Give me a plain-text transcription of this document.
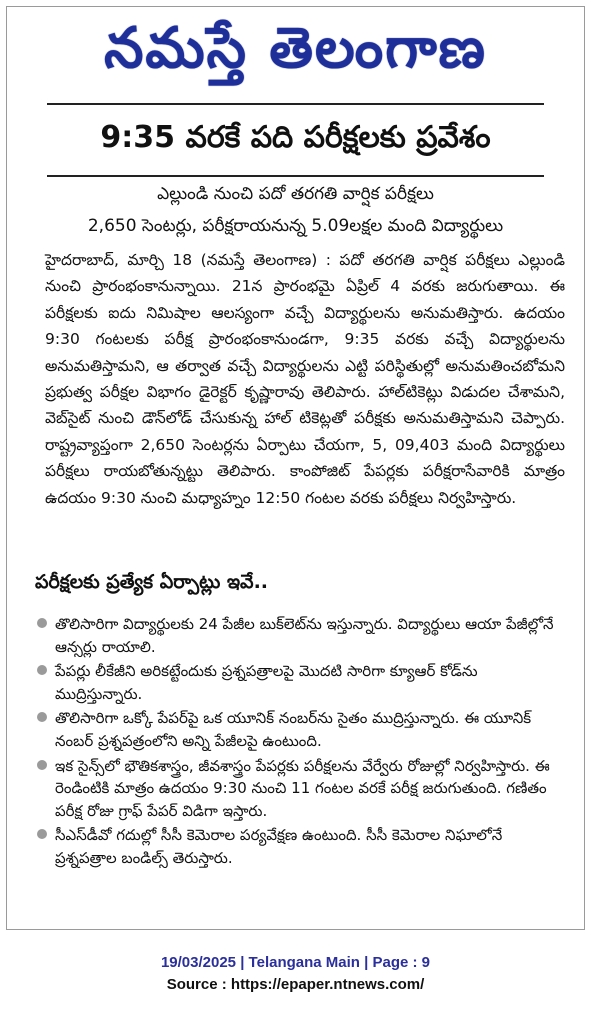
నమస్తే తెలంగాణ
9:35 వరకే పది పరీక్షలకు ప్రవేశం
ఎల్లుండి నుంచి పదో తరగతి వార్షిక పరీక్షలు
2,650 సెంటర్లు, పరీక్షరాయనున్న 5.09లక్షల మంది విద్యార్థులు

హైదరాబాద్, మార్చి 18 (నమస్తే తెలంగాణ) : పదో తరగతి వార్షిక పరీక్షలు ఎల్లుండి నుంచి ప్రారంభంకానున్నాయి. 21న ప్రారంభమై ఏప్రిల్ 4 వరకు జరుగుతాయి. ఈ పరీక్షలకు ఐదు నిమిషాల ఆలస్యంగా వచ్చే విద్యార్థులను అనుమతిస్తారు. ఉదయం 9:30 గంటలకు పరీక్ష ప్రారంభంకానుండగా, 9:35 వరకు వచ్చే విద్యార్థులను అనుమతిస్తామని, ఆ తర్వాత వచ్చే విద్యార్థులను ఎట్టి పరిస్థితుల్లో అనుమతించబోమని ప్రభుత్వ పరీక్షల విభాగం డైరెక్టర్ కృష్ణారావు తెలిపారు. హాల్‌టికెట్లు విడుదల చేశామని, వెబ్‌సైట్ నుంచి డౌన్‌లోడ్ చేసుకున్న హాల్ టికెట్లతో పరీక్షకు అనుమతిస్తామని చెప్పారు. రాష్ట్రవ్యాప్తంగా 2,650 సెంటర్లను ఏర్పాటు చేయగా, 5, 09,403 మంది విద్యార్థులు పరీక్షలు రాయబోతున్నట్టు తెలిపారు. కాంపోజిట్ పేపర్లకు పరీక్షరాసేవారికి మాత్రం ఉదయం 9:30 నుంచి మధ్యాహ్నం 12:50 గంటల వరకు పరీక్షలు నిర్వహిస్తారు.

పరీక్షలకు ప్రత్యేక ఏర్పాట్లు ఇవే..
తొలిసారిగా విద్యార్థులకు 24 పేజీల బుక్‌లెట్‌ను ఇస్తున్నారు. విద్యార్థులు ఆయా పేజీల్లోనే ఆన్సర్లు రాయాలి.
పేపర్లు లీకేజీని అరికట్టేందుకు ప్రశ్నపత్రాలపై మొదటి సారిగా క్యూఆర్ కోడ్‌ను ముద్రిస్తున్నారు.
తొలిసారిగా ఒక్కో పేపర్‌పై ఒక యూనిక్ నంబర్‌ను సైతం ముద్రిస్తున్నారు. ఈ యూనిక్ నంబర్ ప్రశ్నపత్రంలోని అన్ని పేజీలపై ఉంటుంది.
ఇక సైన్స్‌లో భౌతికశాస్త్రం, జీవశాస్త్రం పేపర్లకు పరీక్షలను వేర్వేరు రోజుల్లో నిర్వహిస్తారు. ఈ రెండింటికి మాత్రం ఉదయం 9:30 నుంచి 11 గంటల వరకే పరీక్ష జరుగుతుంది. గణితం పరీక్ష రోజు గ్రాఫ్ పేపర్ విడిగా ఇస్తారు.
సీఎస్‌డీవో గదుల్లో సీసీ కెమెరాల పర్యవేక్షణ ఉంటుంది. సీసీ కెమెరాల నిఘాలోనే ప్రశ్నపత్రాల బండిల్స్ తెరుస్తారు.
19/03/2025 | Telangana Main | Page : 9
Source : https://epaper.ntnews.com/
